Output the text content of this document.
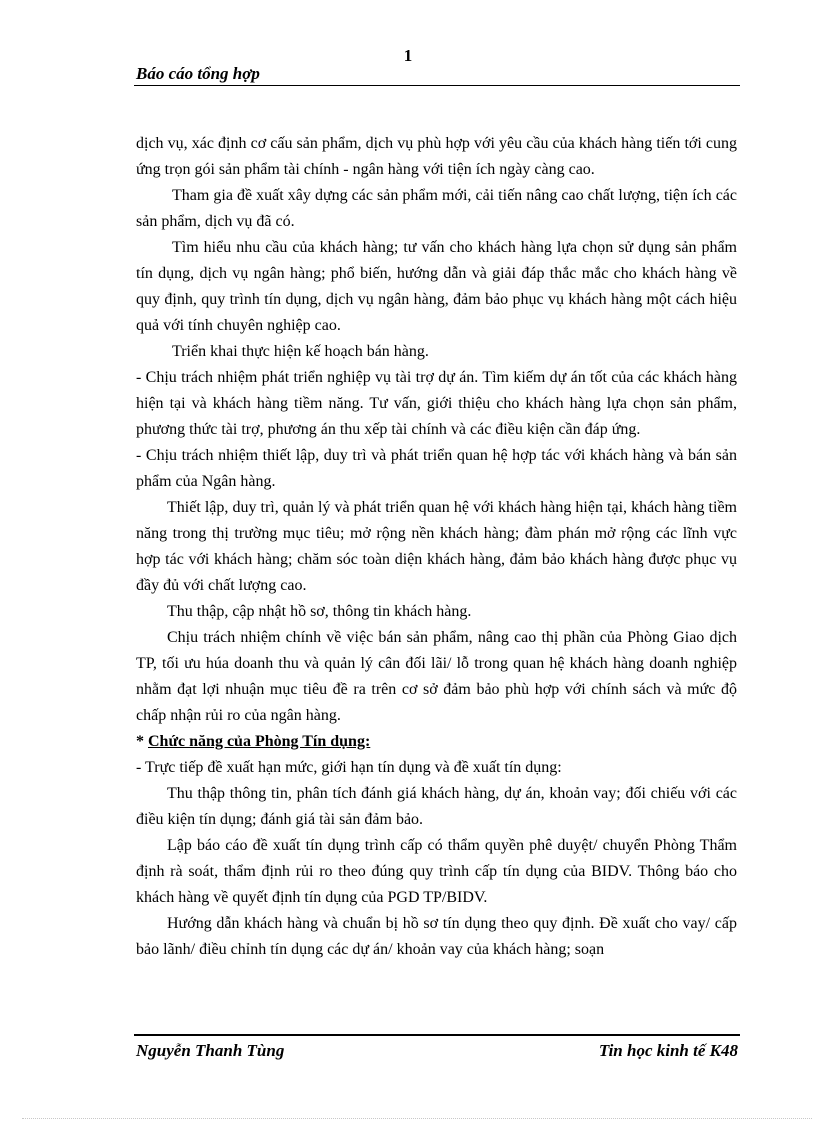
1
Báo cáo tổng hợp

dịch vụ, xác định cơ cấu sản phẩm, dịch vụ phù hợp với yêu cầu của khách hàng tiến tới cung ứng trọn gói sản phẩm tài chính - ngân hàng với tiện ích ngày càng cao.

Tham gia đề xuất xây dựng các sản phẩm mới, cải tiến nâng cao chất lượng, tiện ích các sản phẩm, dịch vụ đã có.

Tìm hiểu nhu cầu của khách hàng; tư vấn cho khách hàng lựa chọn sử dụng sản phẩm tín dụng, dịch vụ ngân hàng; phổ biến, hướng dẫn và giải đáp thắc mắc cho khách hàng về quy định, quy trình tín dụng, dịch vụ ngân hàng, đảm bảo phục vụ khách hàng một cách hiệu quả với tính chuyên nghiệp cao.

Triển khai thực hiện kế hoạch bán hàng.

- Chịu trách nhiệm phát triển nghiệp vụ tài trợ dự án. Tìm kiếm dự án tốt của các khách hàng hiện tại và khách hàng tiềm năng. Tư vấn, giới thiệu cho khách hàng lựa chọn sản phẩm, phương thức tài trợ, phương án thu xếp tài chính và các điều kiện cần đáp ứng.

- Chịu trách nhiệm thiết lập, duy trì và phát triển quan hệ hợp tác với khách hàng và bán sản phẩm của Ngân hàng.

Thiết lập, duy trì, quản lý và phát triển quan hệ với khách hàng hiện tại, khách hàng tiềm năng trong thị trường mục tiêu; mở rộng nền khách hàng; đàm phán mở rộng các lĩnh vực hợp tác với khách hàng; chăm sóc toàn diện khách hàng, đảm bảo khách hàng được phục vụ đầy đủ với chất lượng cao.

Thu thập, cập nhật hồ sơ, thông tin khách hàng.

Chịu trách nhiệm chính về việc bán sản phẩm, nâng cao thị phần của Phòng Giao dịch TP, tối ưu húa doanh thu và quản lý cân đối lãi/ lỗ trong quan hệ khách hàng doanh nghiệp nhằm đạt lợi nhuận mục tiêu đề ra trên cơ sở đảm bảo phù hợp với chính sách và mức độ chấp nhận rủi ro của ngân hàng.

* Chức năng của Phòng Tín dụng:

- Trực tiếp đề xuất hạn mức, giới hạn tín dụng và đề xuất tín dụng:

Thu thập thông tin, phân tích đánh giá khách hàng, dự án, khoản vay; đối chiếu với các điều kiện tín dụng; đánh giá tài sản đảm bảo.

Lập báo cáo đề xuất tín dụng trình cấp có thẩm quyền phê duyệt/ chuyển Phòng Thẩm định rà soát, thẩm định rủi ro theo đúng quy trình cấp tín dụng của BIDV. Thông báo cho khách hàng về quyết định tín dụng của PGD TP/BIDV.

Hướng dẫn khách hàng và chuẩn bị hồ sơ tín dụng theo quy định. Đề xuất cho vay/ cấp bảo lãnh/ điều chỉnh tín dụng các dự án/ khoản vay của khách hàng; soạn

Nguyễn Thanh Tùng	Tin học kinh tế K48
